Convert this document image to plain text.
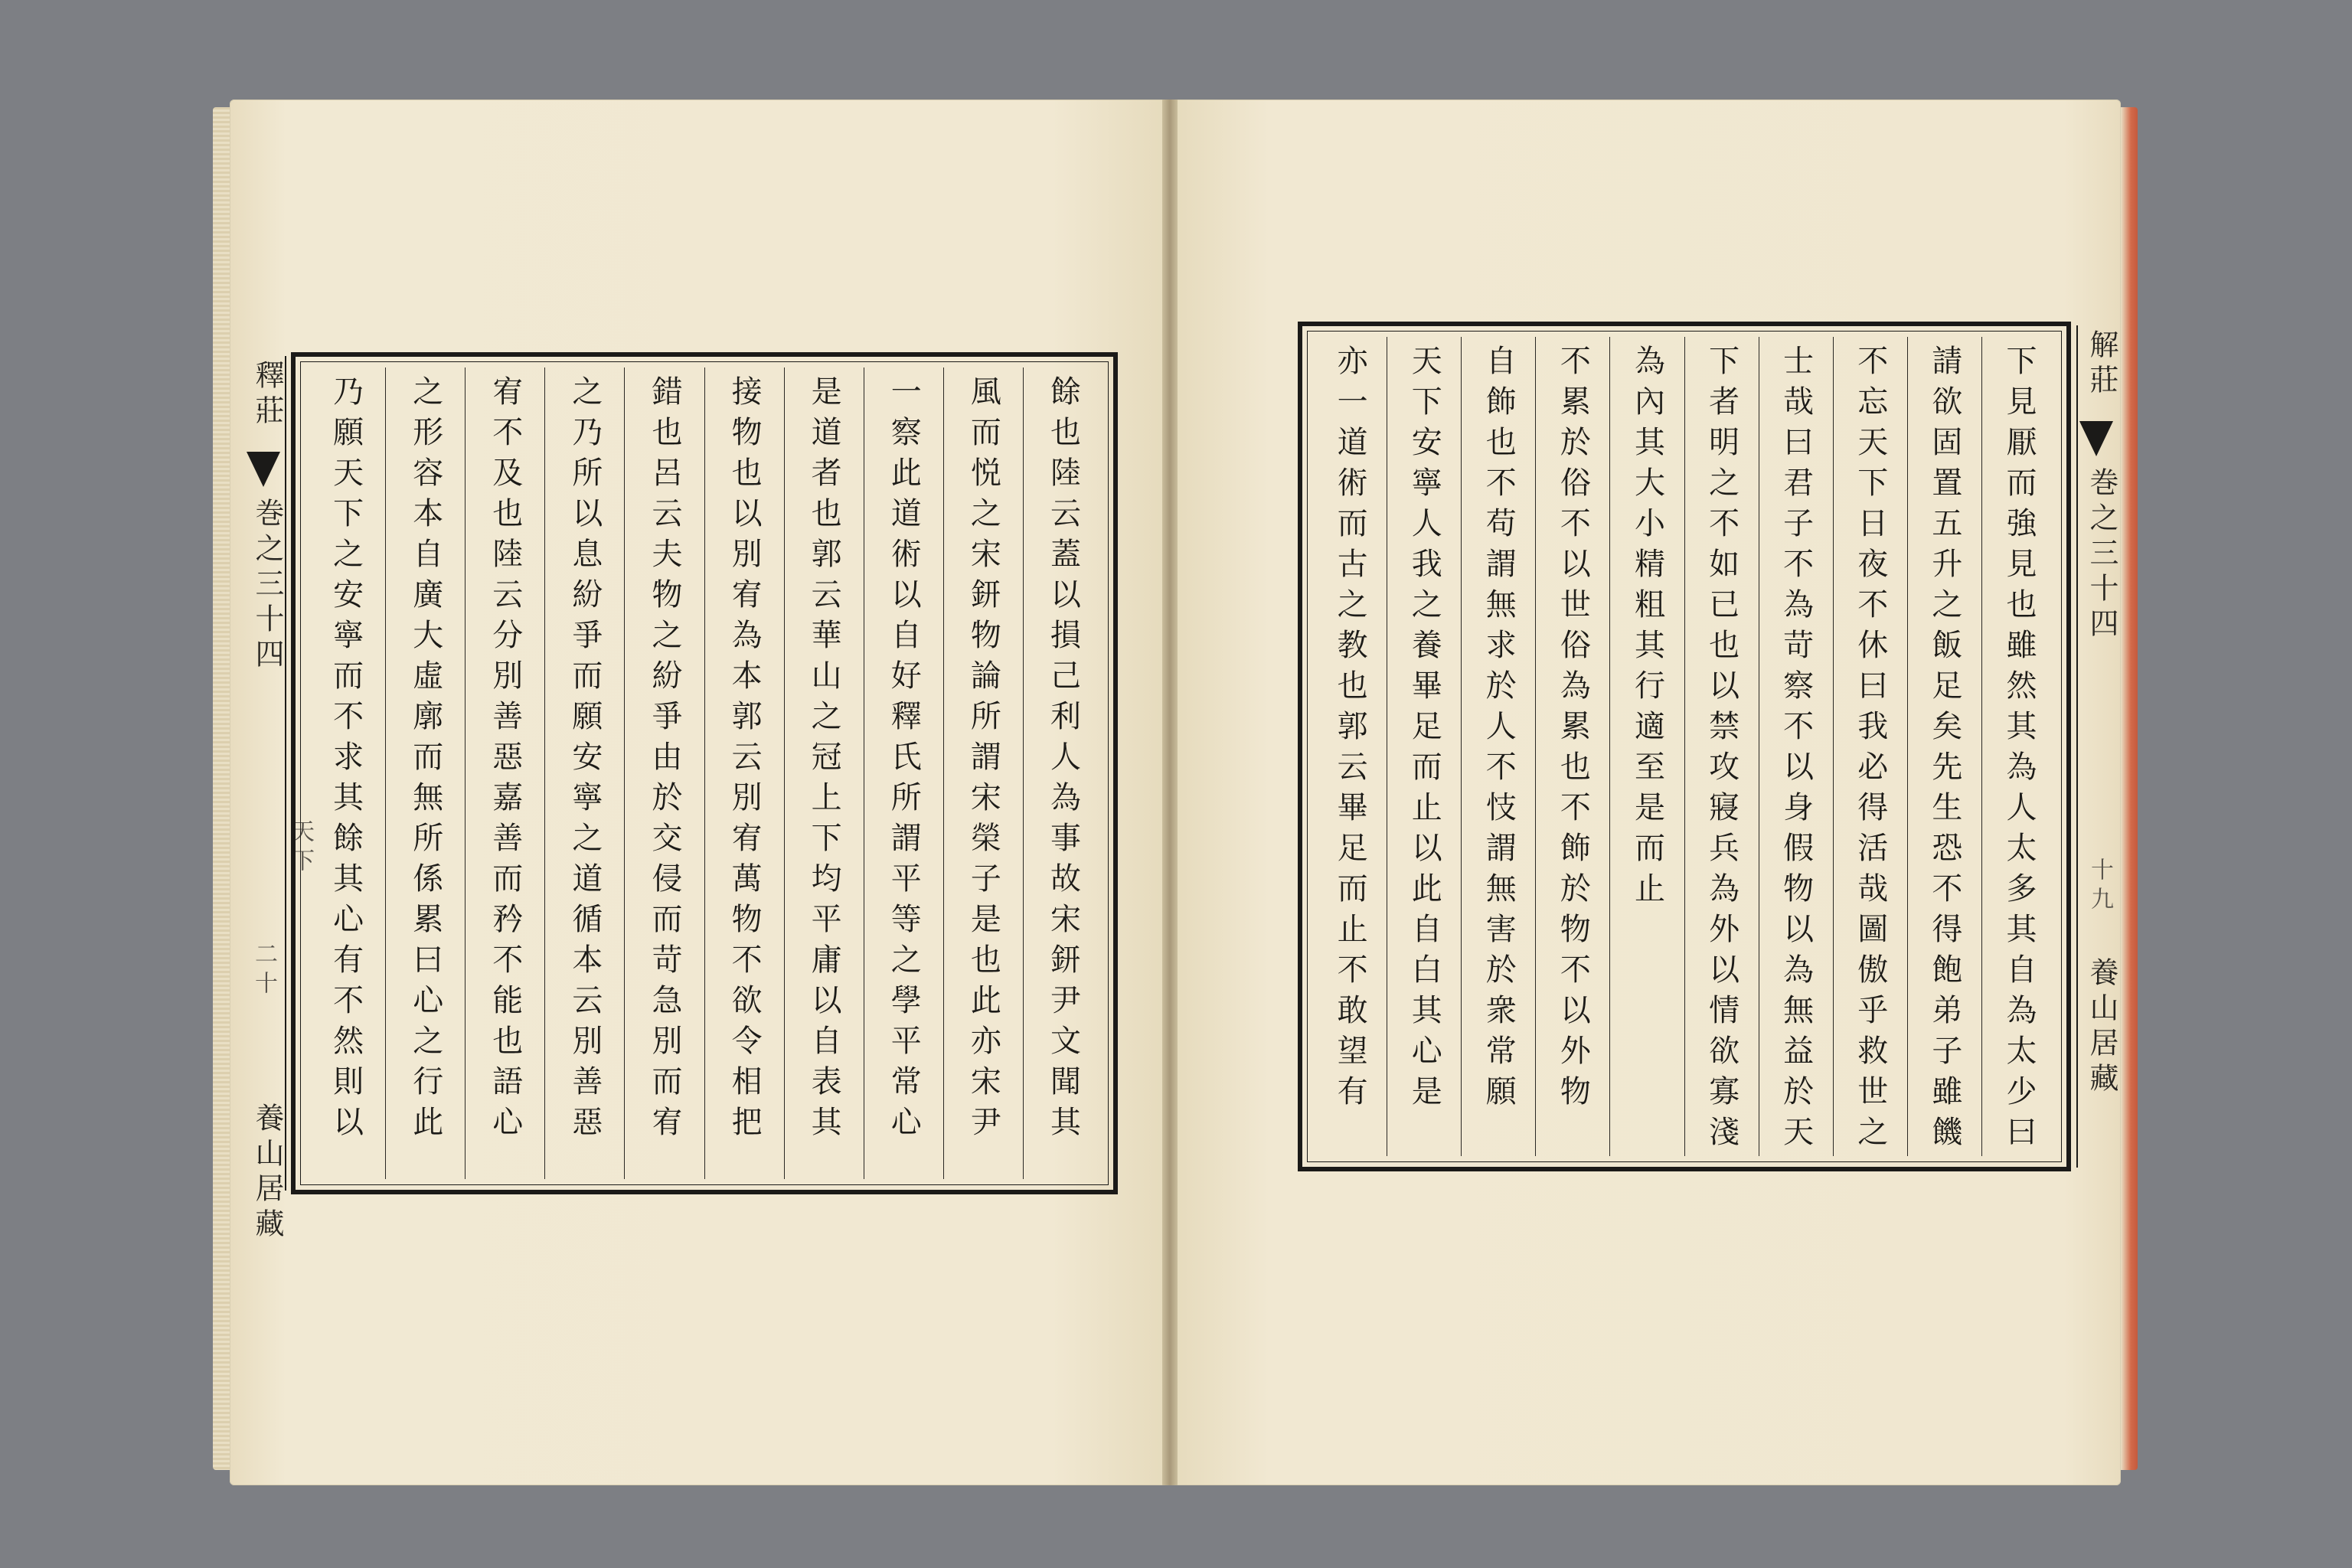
釋莊
巻之三十四
天下
二十
養山居藏
餘也陸云蓋以損己利人為事故宋鈃尹文聞其
風而悦之宋鈃物論所謂宋榮子是也此亦宋尹
一察此道術以自好釋氏所謂平等之學平常心
是道者也郭云華山之冠上下均平庸以自表其
接物也以別宥為本郭云別宥萬物不欲令相把
錯也呂云夫物之紛爭由於交侵而苛急別而宥
之乃所以息紛爭而願安寧之道循本云別善惡
宥不及也陸云分別善惡嘉善而矜不能也語心
之形容本自廣大虛廓而無所係累曰心之行此
乃願天下之安寧而不求其餘其心有不然則以
解莊
巻之三十四
十九
養山居藏
下見厭而強見也雖然其為人太多其自為太少曰
請欲固置五升之飯足矣先生恐不得飽弟子雖饑
不忘天下日夜不休曰我必得活哉圖傲乎救世之
士哉曰君子不為苛察不以身假物以為無益於天
下者明之不如已也以禁攻寢兵為外以情欲寡淺
為內其大小精粗其行適至是而止
不累於俗不以世俗為累也不飾於物不以外物
自飾也不苟謂無求於人不忮謂無害於衆常願
天下安寧人我之養畢足而止以此自白其心是
亦一道術而古之教也郭云畢足而止不敢望有
